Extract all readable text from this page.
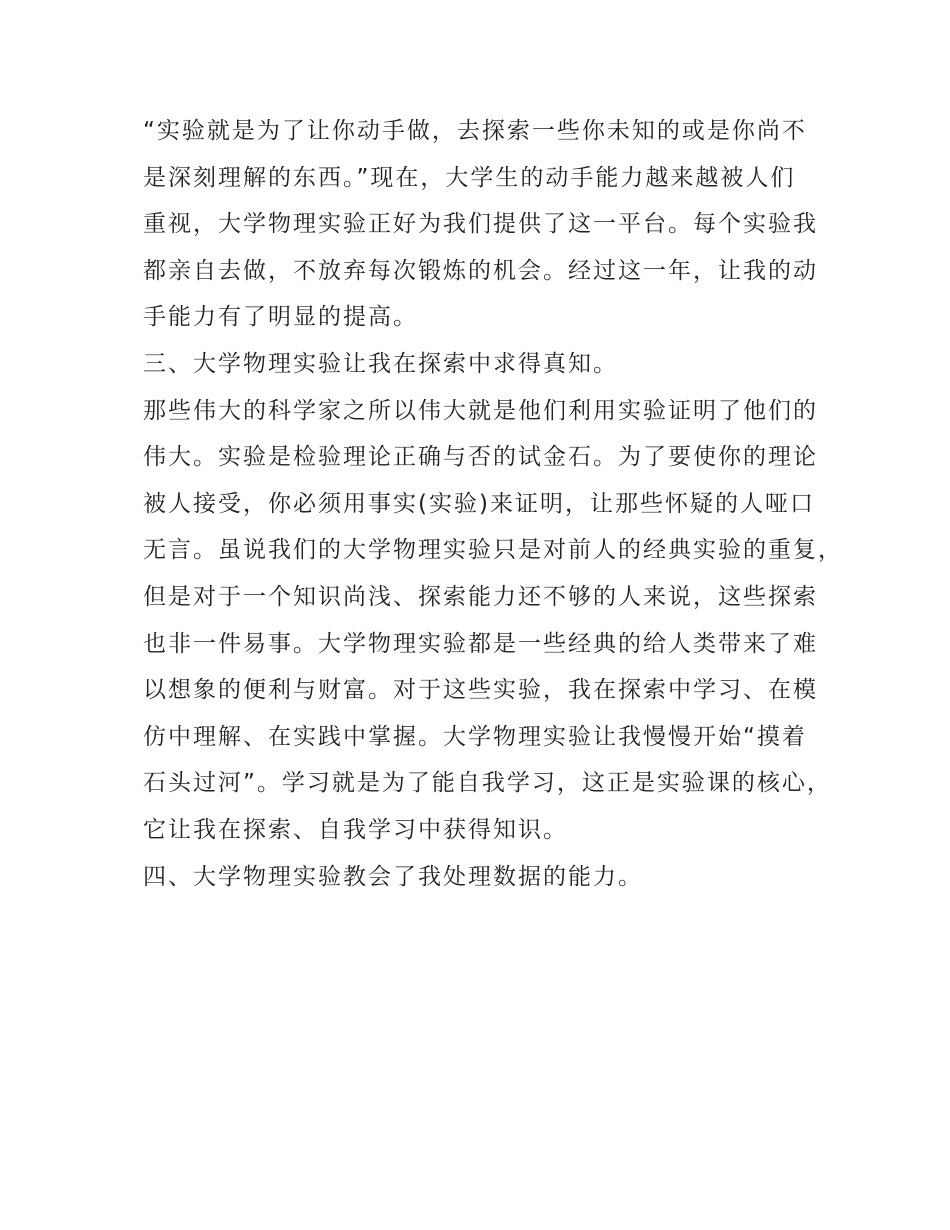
“实验就是为了让你动手做，去探索一些你未知的或是你尚不
是深刻理解的东西。”现在，大学生的动手能力越来越被人们
重视，大学物理实验正好为我们提供了这一平台。每个实验我
都亲自去做，不放弃每次锻炼的机会。经过这一年，让我的动
手能力有了明显的提高。
三、大学物理实验让我在探索中求得真知。
那些伟大的科学家之所以伟大就是他们利用实验证明了他们的
伟大。实验是检验理论正确与否的试金石。为了要使你的理论
被人接受，你必须用事实(实验)来证明，让那些怀疑的人哑口
无言。虽说我们的大学物理实验只是对前人的经典实验的重复，
但是对于一个知识尚浅、探索能力还不够的人来说，这些探索
也非一件易事。大学物理实验都是一些经典的给人类带来了难
以想象的便利与财富。对于这些实验，我在探索中学习、在模
仿中理解、在实践中掌握。大学物理实验让我慢慢开始“摸着
石头过河”。学习就是为了能自我学习，这正是实验课的核心，
它让我在探索、自我学习中获得知识。
四、大学物理实验教会了我处理数据的能力。
